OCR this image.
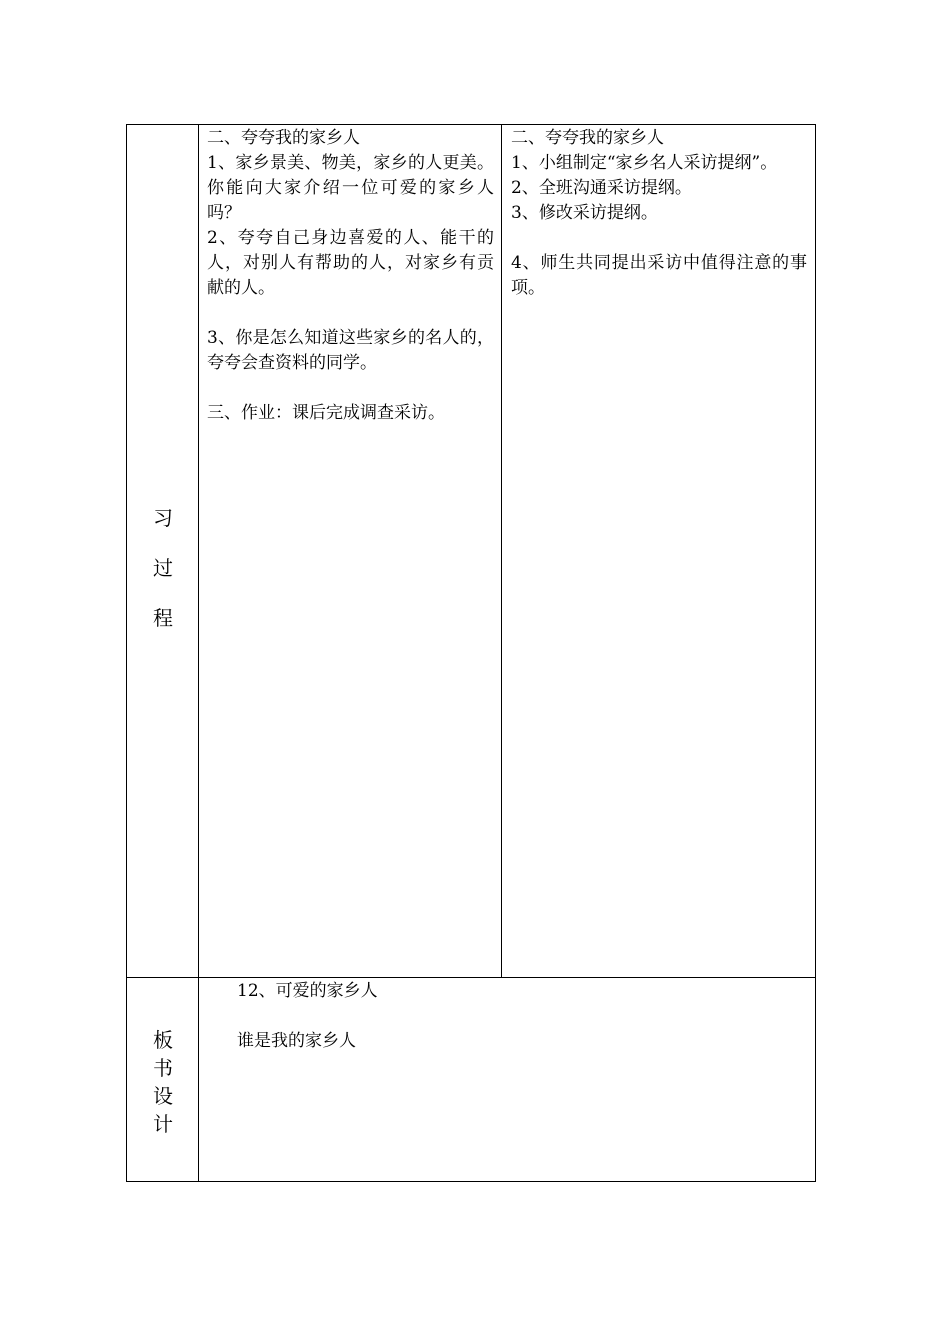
习
过
程

二、夸夸我的家乡人

1、家乡景美、物美，家乡的人更美。你能向大家介绍一位可爱的家乡人吗？

2、夸夸自己身边喜爱的人、能干的人，对别人有帮助的人，对家乡有贡献的人。

3、你是怎么知道这些家乡的名人的，夸夸会查资料的同学。

三、作业：课后完成调查采访。

二、夸夸我的家乡人

1、小组制定“家乡名人采访提纲”。

2、全班沟通采访提纲。

3、修改采访提纲。

4、师生共同提出采访中值得注意的事项。

板
书
设
计

12、可爱的家乡人

谁是我的家乡人
